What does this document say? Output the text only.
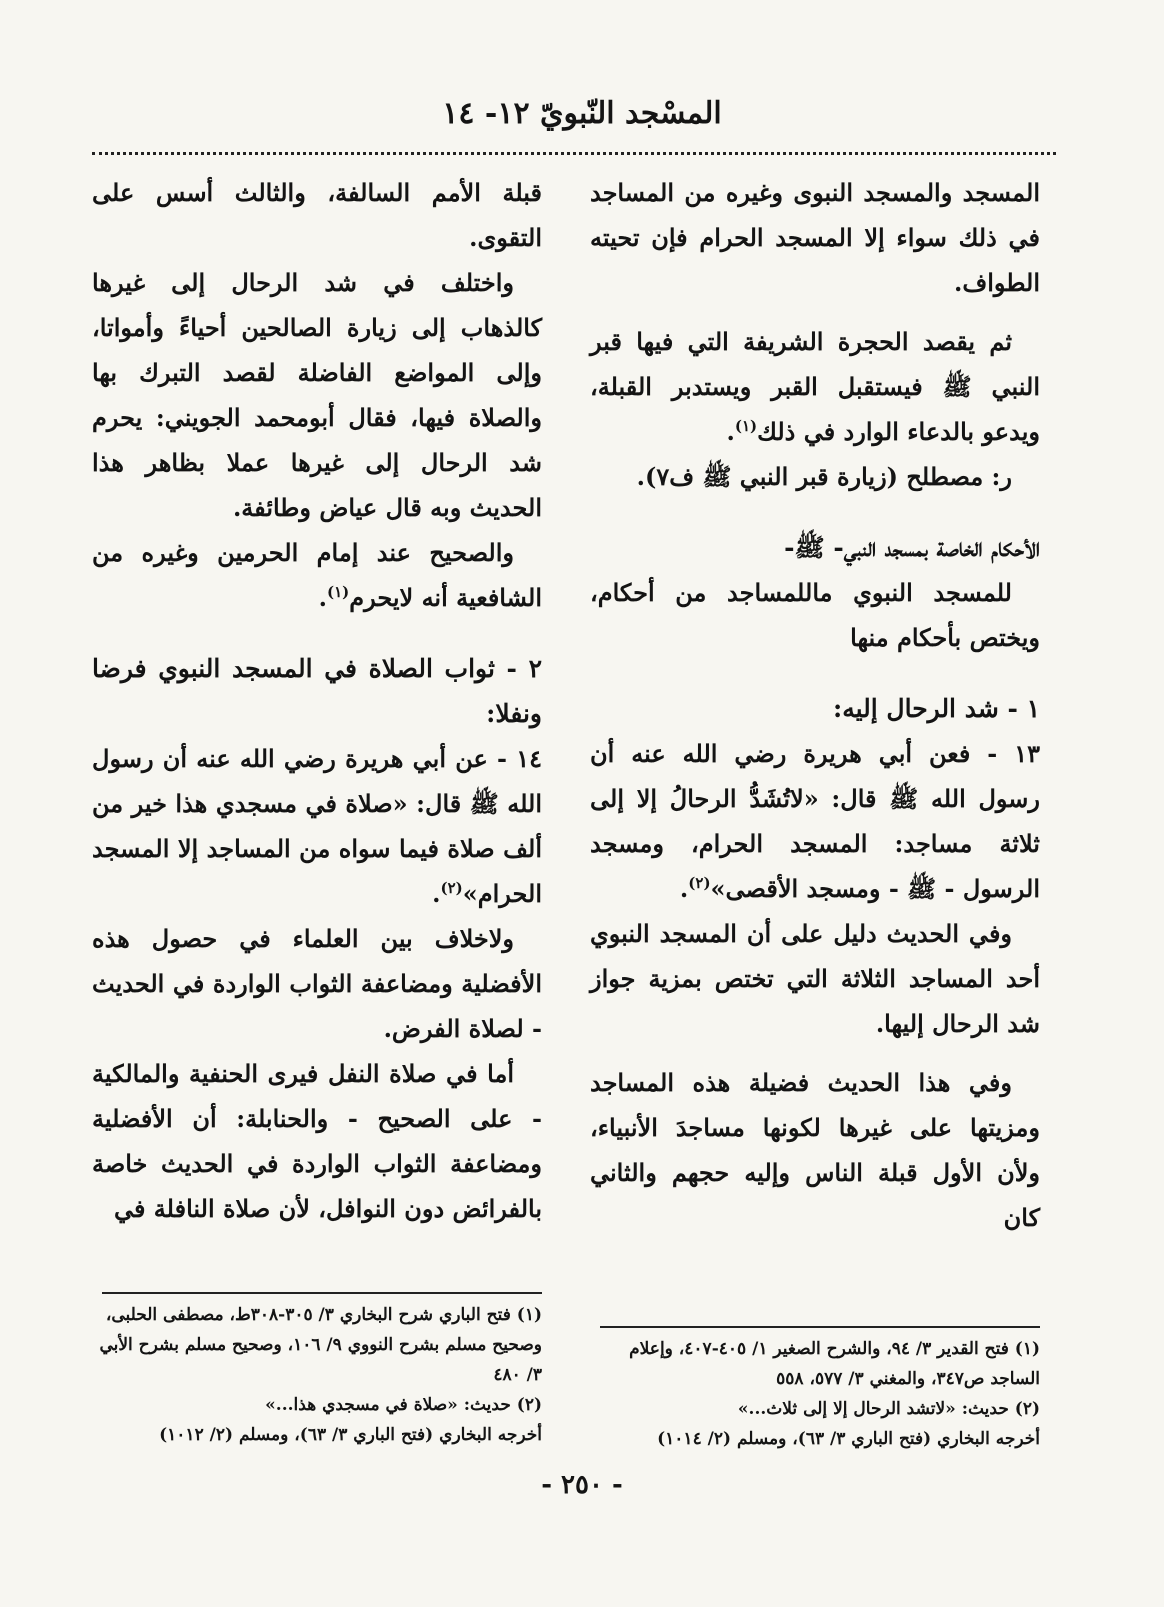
المسْجد النّبويّ ١٢- ١٤

المسجد والمسجد النبوى وغيره من المساجد في ذلك سواء إلا المسجد الحرام فإن تحيته الطواف.

ثم يقصد الحجرة الشريفة التي فيها قبر النبي ﷺ فيستقبل القبر ويستدبر القبلة، ويدعو بالدعاء الوارد في ذلك$^{(١)}$.

ر: مصطلح (زيارة قبر النبي ﷺ ف٧).

الأحكام الخاصة بمسجد النبي- ﷺ-

للمسجد النبوي ماللمساجد من أحكام، ويختص بأحكام منها

١ - شد الرحال إليه:

١٣ - فعن أبي هريرة رضي الله عنه أن رسول الله ﷺ قال: «لاتُشَدُّ الرحالُ إلا إلى ثلاثة مساجد: المسجد الحرام، ومسجد الرسول - ﷺ - ومسجد الأقصى»$^{(٢)}$.

وفي الحديث دليل على أن المسجد النبوي أحد المساجد الثلاثة التي تختص بمزية جواز شد الرحال إليها.

وفي هذا الحديث فضيلة هذه المساجد ومزيتها على غيرها لكونها مساجدَ الأنبياء، ولأن الأول قبلة الناس وإليه حجهم والثاني كان

قبلة الأمم السالفة، والثالث أسس على التقوى.

واختلف في شد الرحال إلى غيرها كالذهاب إلى زيارة الصالحين أحياءً وأمواتا، وإلى المواضع الفاضلة لقصد التبرك بها والصلاة فيها، فقال أبومحمد الجويني: يحرم شد الرحال إلى غيرها عملا بظاهر هذا الحديث وبه قال عياض وطائفة.

والصحيح عند إمام الحرمين وغيره من الشافعية أنه لايحرم$^{(١)}$.

٢ - ثواب الصلاة في المسجد النبوي فرضا ونفلا:

١٤ - عن أبي هريرة رضي الله عنه أن رسول الله ﷺ قال: «صلاة في مسجدي هذا خير من ألف صلاة فيما سواه من المساجد إلا المسجد الحرام»$^{(٢)}$.

ولاخلاف بين العلماء في حصول هذه الأفضلية ومضاعفة الثواب الواردة في الحديث - لصلاة الفرض.

أما في صلاة النفل فيرى الحنفية والمالكية - على الصحيح - والحنابلة: أن الأفضلية ومضاعفة الثواب الواردة في الحديث خاصة بالفرائض دون النوافل، لأن صلاة النافلة في

(١) فتح الباري شرح البخاري ٣/ ٣٠٥-٣٠٨ط، مصطفى الحلبى، وصحيح مسلم بشرح النووي ٩/ ١٠٦، وصحيح مسلم بشرح الأبي ٣/ ٤٨٠

(٢) حديث: «صلاة في مسجدي هذا...»

أخرجه البخاري (فتح الباري ٣/ ٦٣)، ومسلم (٢/ ١٠١٢)

(١) فتح القدير ٣/ ٩٤، والشرح الصغير ١/ ٤٠٥-٤٠٧، وإعلام الساجد ص٣٤٧، والمغني ٣/ ٥٧٧، ٥٥٨

(٢) حديث: «لاتشد الرحال إلا إلى ثلاث...»

أخرجه البخاري (فتح الباري ٣/ ٦٣)، ومسلم (٢/ ١٠١٤)

- ٢٥٠ -
